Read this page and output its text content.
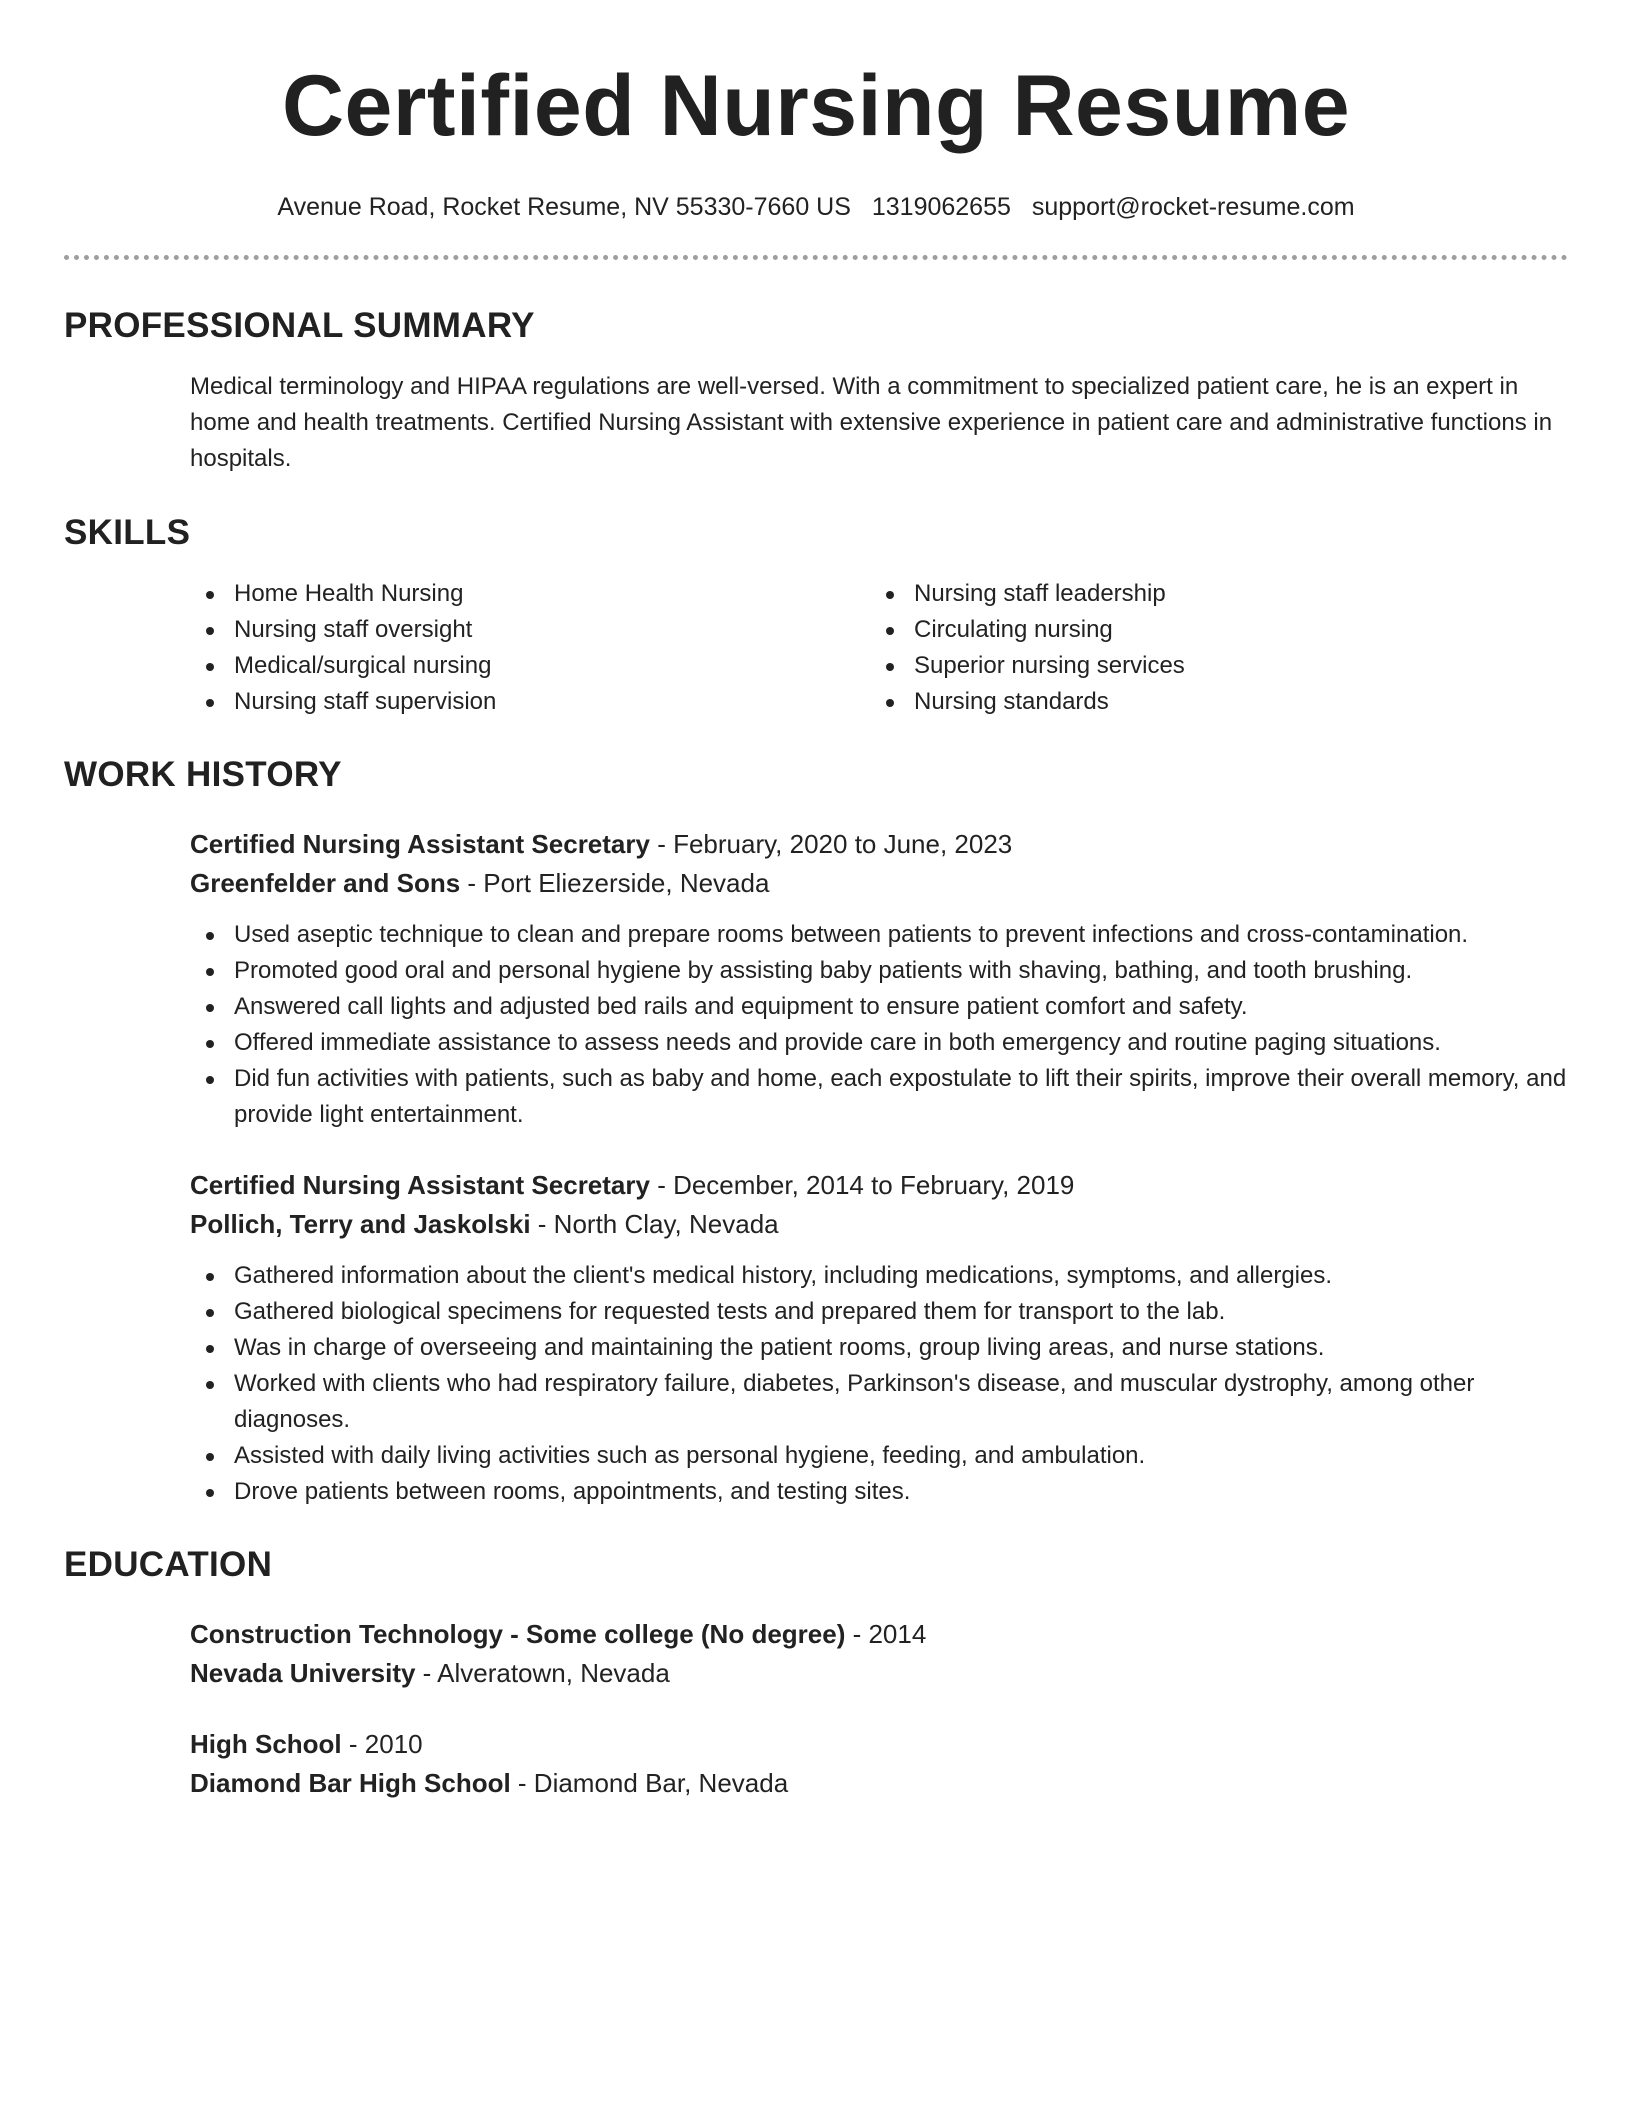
Certified Nursing Resume
Avenue Road, Rocket Resume, NV 55330-7660 US 1319062655 support@rocket-resume.com
PROFESSIONAL SUMMARY
Medical terminology and HIPAA regulations are well-versed. With a commitment to specialized patient care, he is an expert in home and health treatments. Certified Nursing Assistant with extensive experience in patient care and administrative functions in hospitals.
SKILLS
Home Health Nursing
Nursing staff oversight
Medical/surgical nursing
Nursing staff supervision
Nursing staff leadership
Circulating nursing
Superior nursing services
Nursing standards
WORK HISTORY
Certified Nursing Assistant Secretary - February, 2020 to June, 2023
Greenfelder and Sons - Port Eliezerside, Nevada
Used aseptic technique to clean and prepare rooms between patients to prevent infections and cross-contamination.
Promoted good oral and personal hygiene by assisting baby patients with shaving, bathing, and tooth brushing.
Answered call lights and adjusted bed rails and equipment to ensure patient comfort and safety.
Offered immediate assistance to assess needs and provide care in both emergency and routine paging situations.
Did fun activities with patients, such as baby and home, each expostulate to lift their spirits, improve their overall memory, and provide light entertainment.
Certified Nursing Assistant Secretary - December, 2014 to February, 2019
Pollich, Terry and Jaskolski - North Clay, Nevada
Gathered information about the client's medical history, including medications, symptoms, and allergies.
Gathered biological specimens for requested tests and prepared them for transport to the lab.
Was in charge of overseeing and maintaining the patient rooms, group living areas, and nurse stations.
Worked with clients who had respiratory failure, diabetes, Parkinson's disease, and muscular dystrophy, among other diagnoses.
Assisted with daily living activities such as personal hygiene, feeding, and ambulation.
Drove patients between rooms, appointments, and testing sites.
EDUCATION
Construction Technology - Some college (No degree) - 2014
Nevada University - Alveratown, Nevada
High School - 2010
Diamond Bar High School - Diamond Bar, Nevada
